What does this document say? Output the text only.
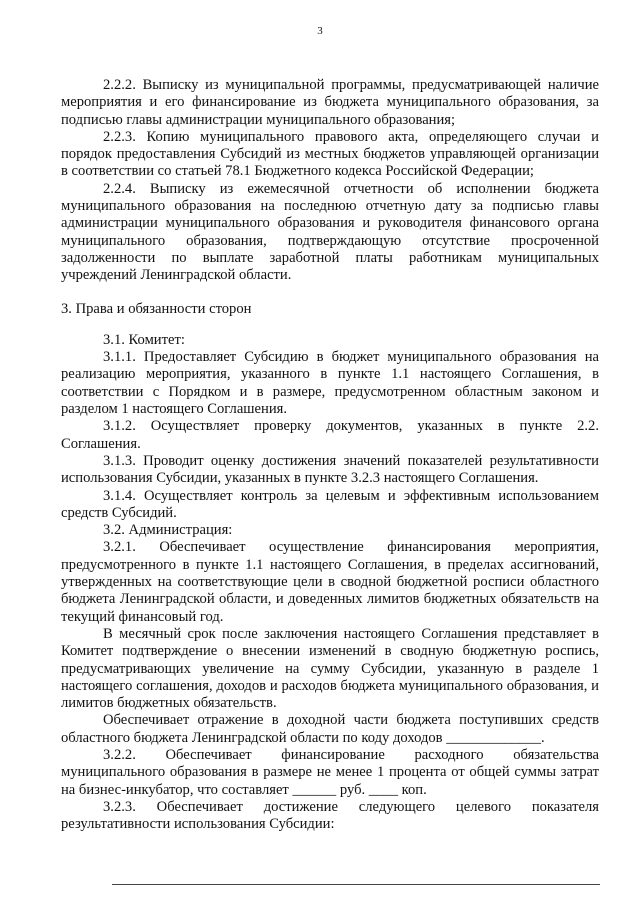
3

2.2.2. Выписку из муниципальной программы, предусматривающей наличие мероприятия и его финансирование из бюджета муниципального образования, за подписью главы администрации муниципального образования;

2.2.3. Копию муниципального правового акта, определяющего случаи и порядок предоставления Субсидий из местных бюджетов управляющей организации в соответствии со статьей 78.1 Бюджетного кодекса Российской Федерации;

2.2.4. Выписку из ежемесячной отчетности об исполнении бюджета муниципального образования на последнюю отчетную дату за подписью главы администрации муниципального образования и руководителя финансового органа муниципального образования, подтверждающую отсутствие просроченной задолженности по выплате заработной платы работникам муниципальных учреждений Ленинградской области.

3. Права и обязанности сторон

3.1. Комитет:

3.1.1. Предоставляет Субсидию в бюджет муниципального образования на реализацию мероприятия, указанного в пункте 1.1 настоящего Соглашения, в соответствии с Порядком и в размере, предусмотренном областным законом и разделом 1 настоящего Соглашения.

3.1.2. Осуществляет проверку документов, указанных в пункте 2.2. Соглашения.

3.1.3. Проводит оценку достижения значений показателей результативности использования Субсидии, указанных в пункте 3.2.3 настоящего Соглашения.

3.1.4. Осуществляет контроль за целевым и эффективным использованием средств Субсидий.

3.2. Администрация:

3.2.1. Обеспечивает осуществление финансирования мероприятия, предусмотренного в пункте 1.1 настоящего Соглашения, в пределах ассигнований, утвержденных на соответствующие цели в сводной бюджетной росписи областного бюджета Ленинградской области, и доведенных лимитов бюджетных обязательств на текущий финансовый год.

В месячный срок после заключения настоящего Соглашения представляет в Комитет подтверждение о внесении изменений в сводную бюджетную роспись, предусматривающих увеличение на сумму Субсидии, указанную в разделе 1 настоящего соглашения, доходов и расходов бюджета муниципального образования, и лимитов бюджетных обязательств.

Обеспечивает отражение в доходной части бюджета поступивших средств областного бюджета Ленинградской области по коду доходов _____________.

3.2.2. Обеспечивает финансирование расходного обязательства муниципального образования в размере не менее 1 процента от общей суммы затрат на бизнес-инкубатор, что составляет ______ руб. ____ коп.

3.2.3. Обеспечивает достижение следующего целевого показателя результативности использования Субсидии:
